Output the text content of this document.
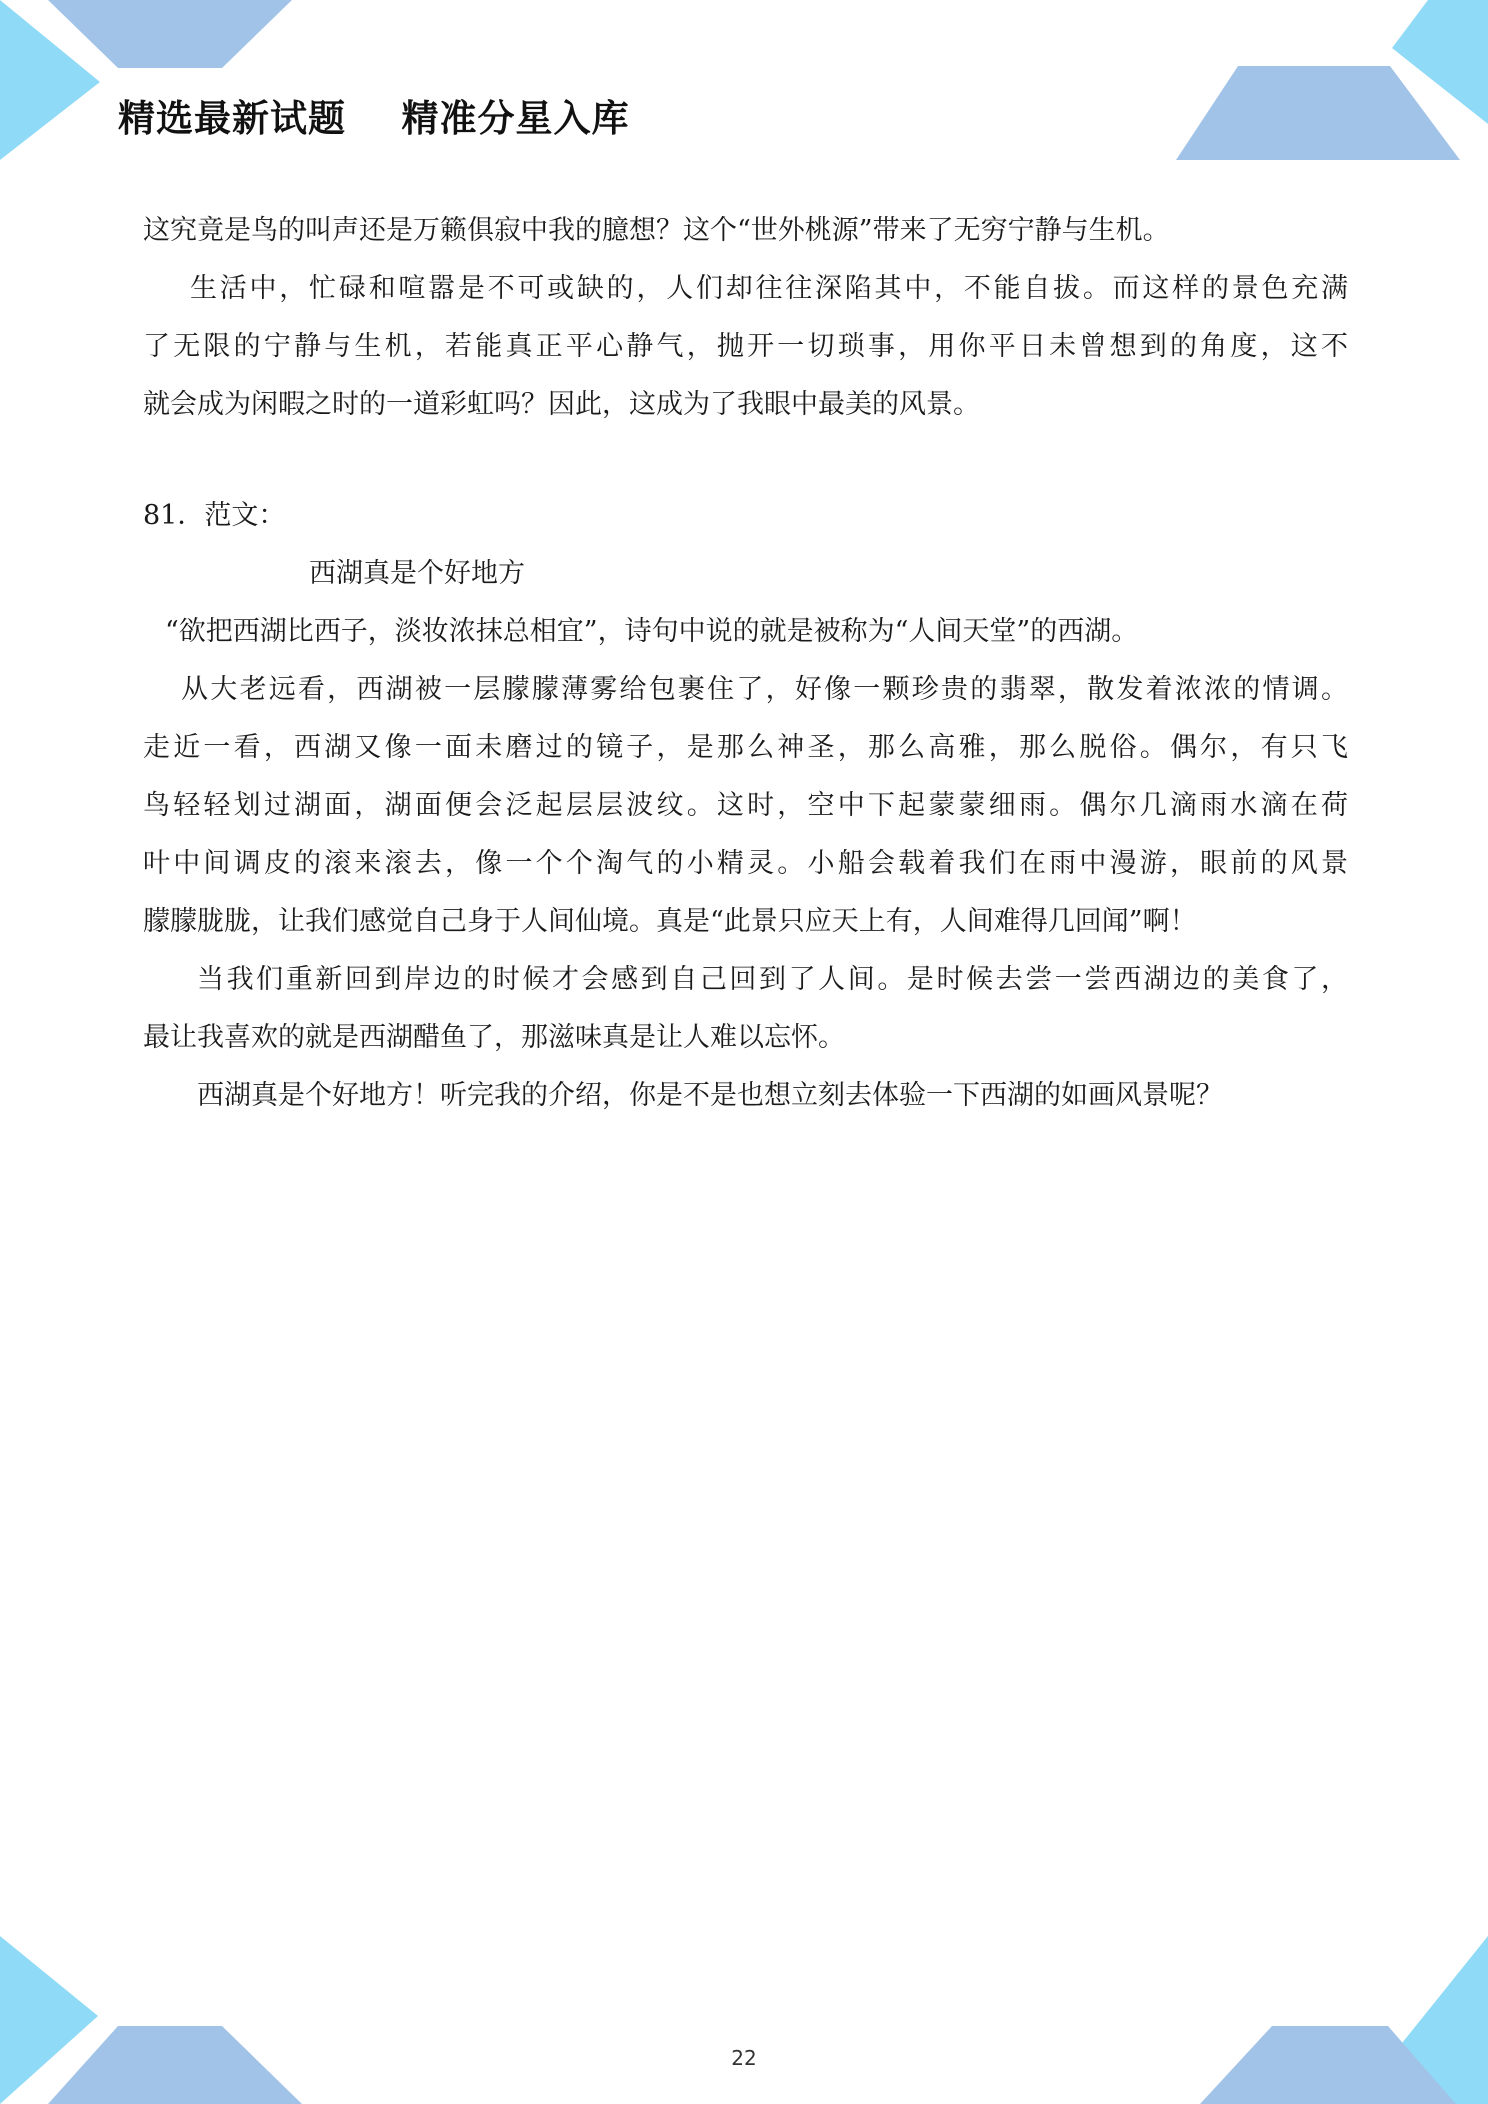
精选最新试题    精准分星入库

这究竟是鸟的叫声还是万籁俱寂中我的臆想？这个“世外桃源”带来了无穷宁静与生机。

生活中，忙碌和喧嚣是不可或缺的，人们却往往深陷其中，不能自拔。而这样的景色充满

了无限的宁静与生机，若能真正平心静气，抛开一切琐事，用你平日未曾想到的角度，这不

就会成为闲暇之时的一道彩虹吗？因此，这成为了我眼中最美的风景。

81．范文：

西湖真是个好地方

“欲把西湖比西子，淡妆浓抹总相宜”，诗句中说的就是被称为“人间天堂”的西湖。

从大老远看，西湖被一层朦朦薄雾给包裹住了，好像一颗珍贵的翡翠，散发着浓浓的情调。

走近一看，西湖又像一面未磨过的镜子，是那么神圣，那么高雅，那么脱俗。偶尔，有只飞

鸟轻轻划过湖面，湖面便会泛起层层波纹。这时，空中下起蒙蒙细雨。偶尔几滴雨水滴在荷

叶中间调皮的滚来滚去，像一个个淘气的小精灵。小船会载着我们在雨中漫游，眼前的风景

朦朦胧胧，让我们感觉自己身于人间仙境。真是“此景只应天上有，人间难得几回闻”啊！

当我们重新回到岸边的时候才会感到自己回到了人间。是时候去尝一尝西湖边的美食了，

最让我喜欢的就是西湖醋鱼了，那滋味真是让人难以忘怀。

西湖真是个好地方！听完我的介绍，你是不是也想立刻去体验一下西湖的如画风景呢？

22
